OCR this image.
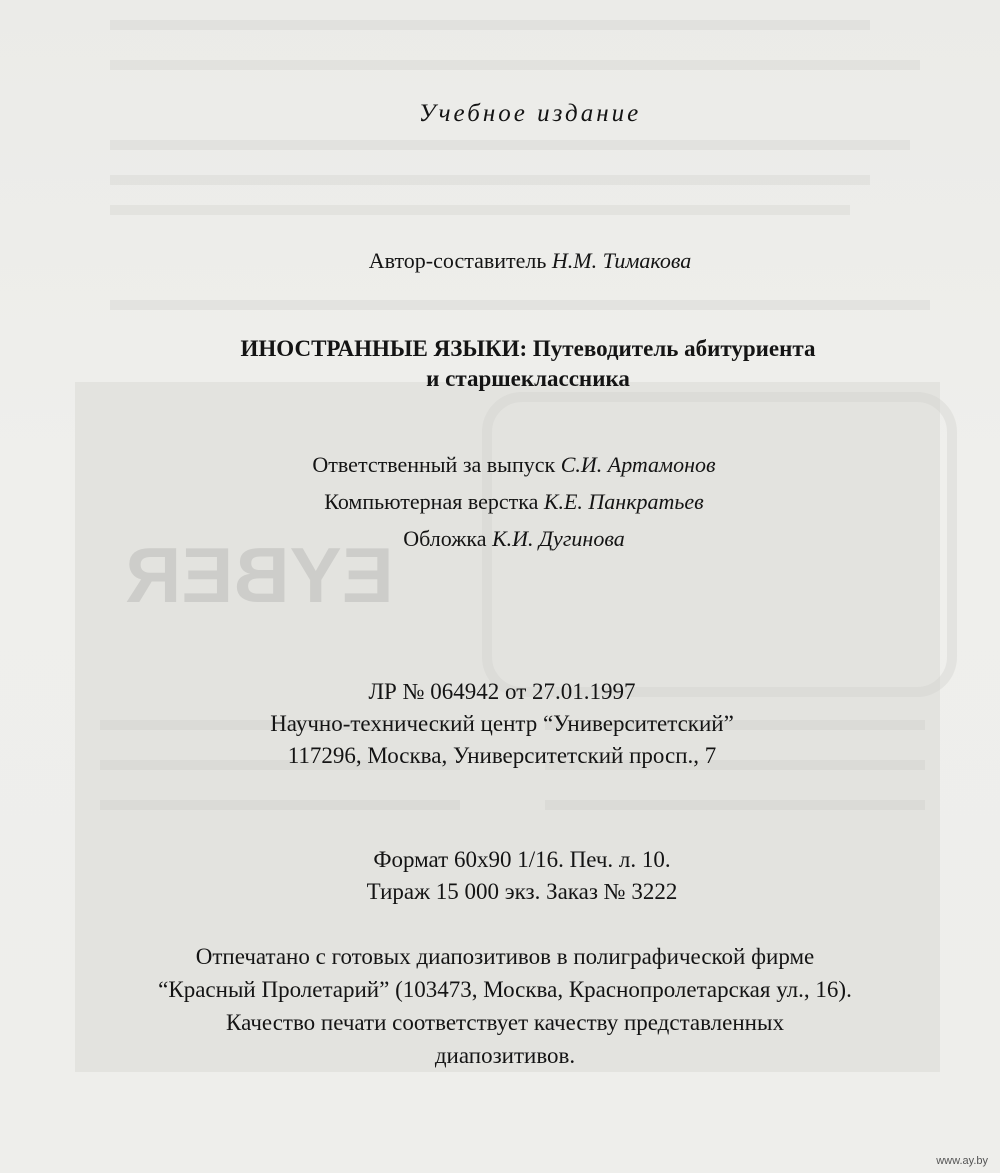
EYBER
Учебное издание
Автор-составитель Н.М. Тимакова
ИНОСТРАННЫЕ ЯЗЫКИ: Путеводитель абитуриента
и старшеклассника
Ответственный за выпуск С.И. Артамонов
Компьютерная верстка К.Е. Панкратьев
Обложка К.И. Дугинова
ЛР № 064942 от 27.01.1997
Научно-технический центр “Университетский”
117296, Москва, Университетский просп., 7
Формат 60x90 1/16. Печ. л. 10.
Тираж 15 000 экз. Заказ № 3222
Отпечатано с готовых диапозитивов в полиграфической фирме
“Красный Пролетарий” (103473, Москва, Краснопролетарская ул., 16).
Качество печати соответствует качеству представленных
диапозитивов.
www.ay.by
